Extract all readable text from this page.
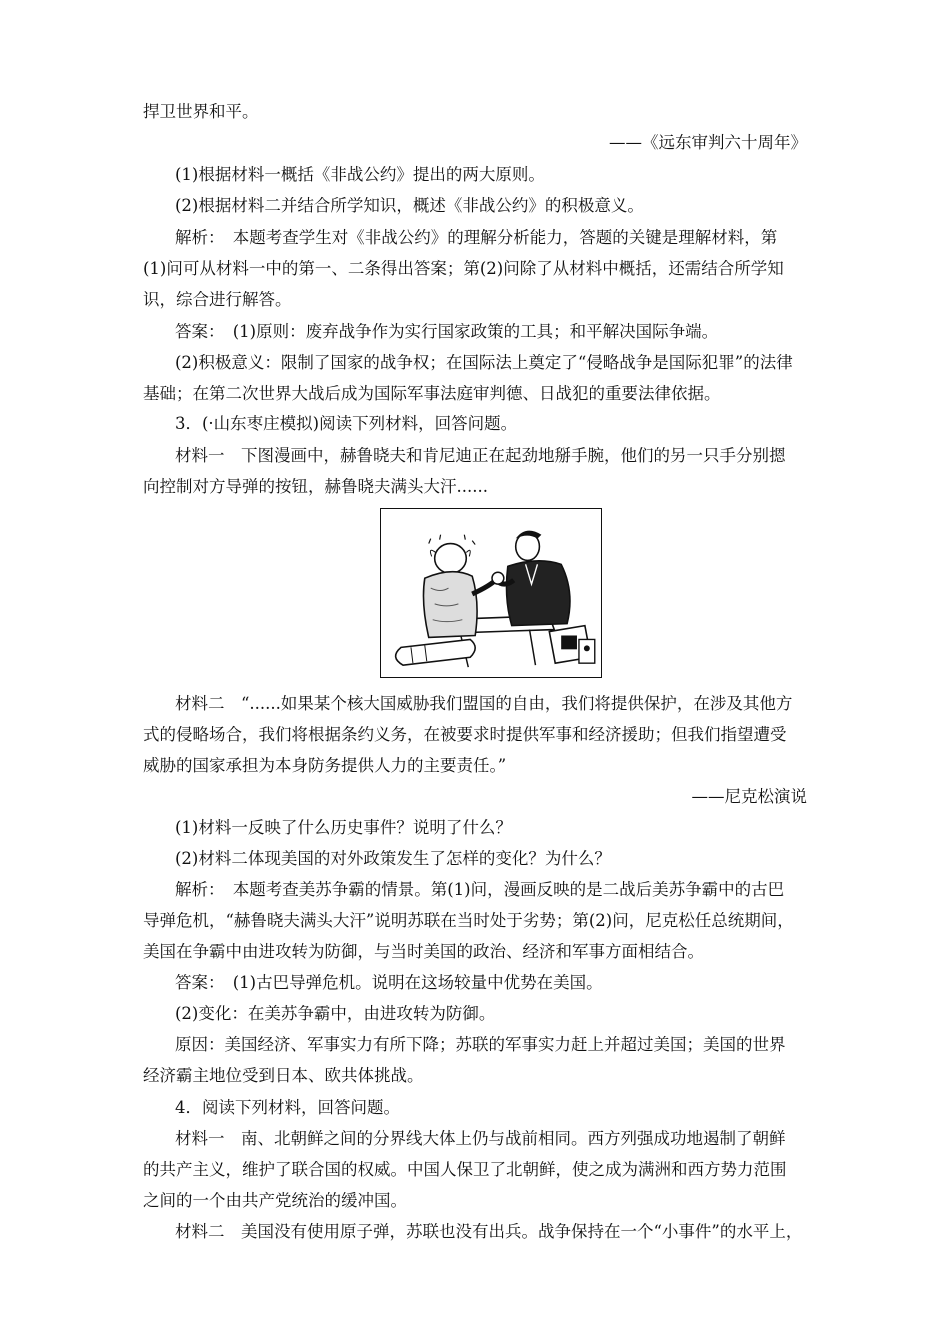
捍卫世界和平。
——《远东审判六十周年》
(1)根据材料一概括《非战公约》提出的两大原则。
(2)根据材料二并结合所学知识，概述《非战公约》的积极意义。
解析：　本题考查学生对《非战公约》的理解分析能力，答题的关键是理解材料，第
(1)问可从材料一中的第一、二条得出答案；第(2)问除了从材料中概括，还需结合所学知
识，综合进行解答。
答案：　(1)原则：废弃战争作为实行国家政策的工具；和平解决国际争端。
(2)积极意义：限制了国家的战争权；在国际法上奠定了“侵略战争是国际犯罪”的法律
基础；在第二次世界大战后成为国际军事法庭审判德、日战犯的重要法律依据。
3．(·山东枣庄模拟)阅读下列材料，回答问题。
材料一　下图漫画中，赫鲁晓夫和肯尼迪正在起劲地掰手腕，他们的另一只手分别摁
向控制对方导弹的按钮，赫鲁晓夫满头大汗......
材料二　“......如果某个核大国威胁我们盟国的自由，我们将提供保护，在涉及其他方
式的侵略场合，我们将根据条约义务，在被要求时提供军事和经济援助；但我们指望遭受
威胁的国家承担为本身防务提供人力的主要责任。”
——尼克松演说
(1)材料一反映了什么历史事件？说明了什么？
(2)材料二体现美国的对外政策发生了怎样的变化？为什么？
解析：　本题考查美苏争霸的情景。第(1)问，漫画反映的是二战后美苏争霸中的古巴
导弹危机，“赫鲁晓夫满头大汗”说明苏联在当时处于劣势；第(2)问，尼克松任总统期间，
美国在争霸中由进攻转为防御，与当时美国的政治、经济和军事方面相结合。
答案：　(1)古巴导弹危机。说明在这场较量中优势在美国。
(2)变化：在美苏争霸中，由进攻转为防御。
原因：美国经济、军事实力有所下降；苏联的军事实力赶上并超过美国；美国的世界
经济霸主地位受到日本、欧共体挑战。
4．阅读下列材料，回答问题。
材料一　南、北朝鲜之间的分界线大体上仍与战前相同。西方列强成功地遏制了朝鲜
的共产主义，维护了联合国的权威。中国人保卫了北朝鲜，使之成为满洲和西方势力范围
之间的一个由共产党统治的缓冲国。
材料二　美国没有使用原子弹，苏联也没有出兵。战争保持在一个“小事件”的水平上，
